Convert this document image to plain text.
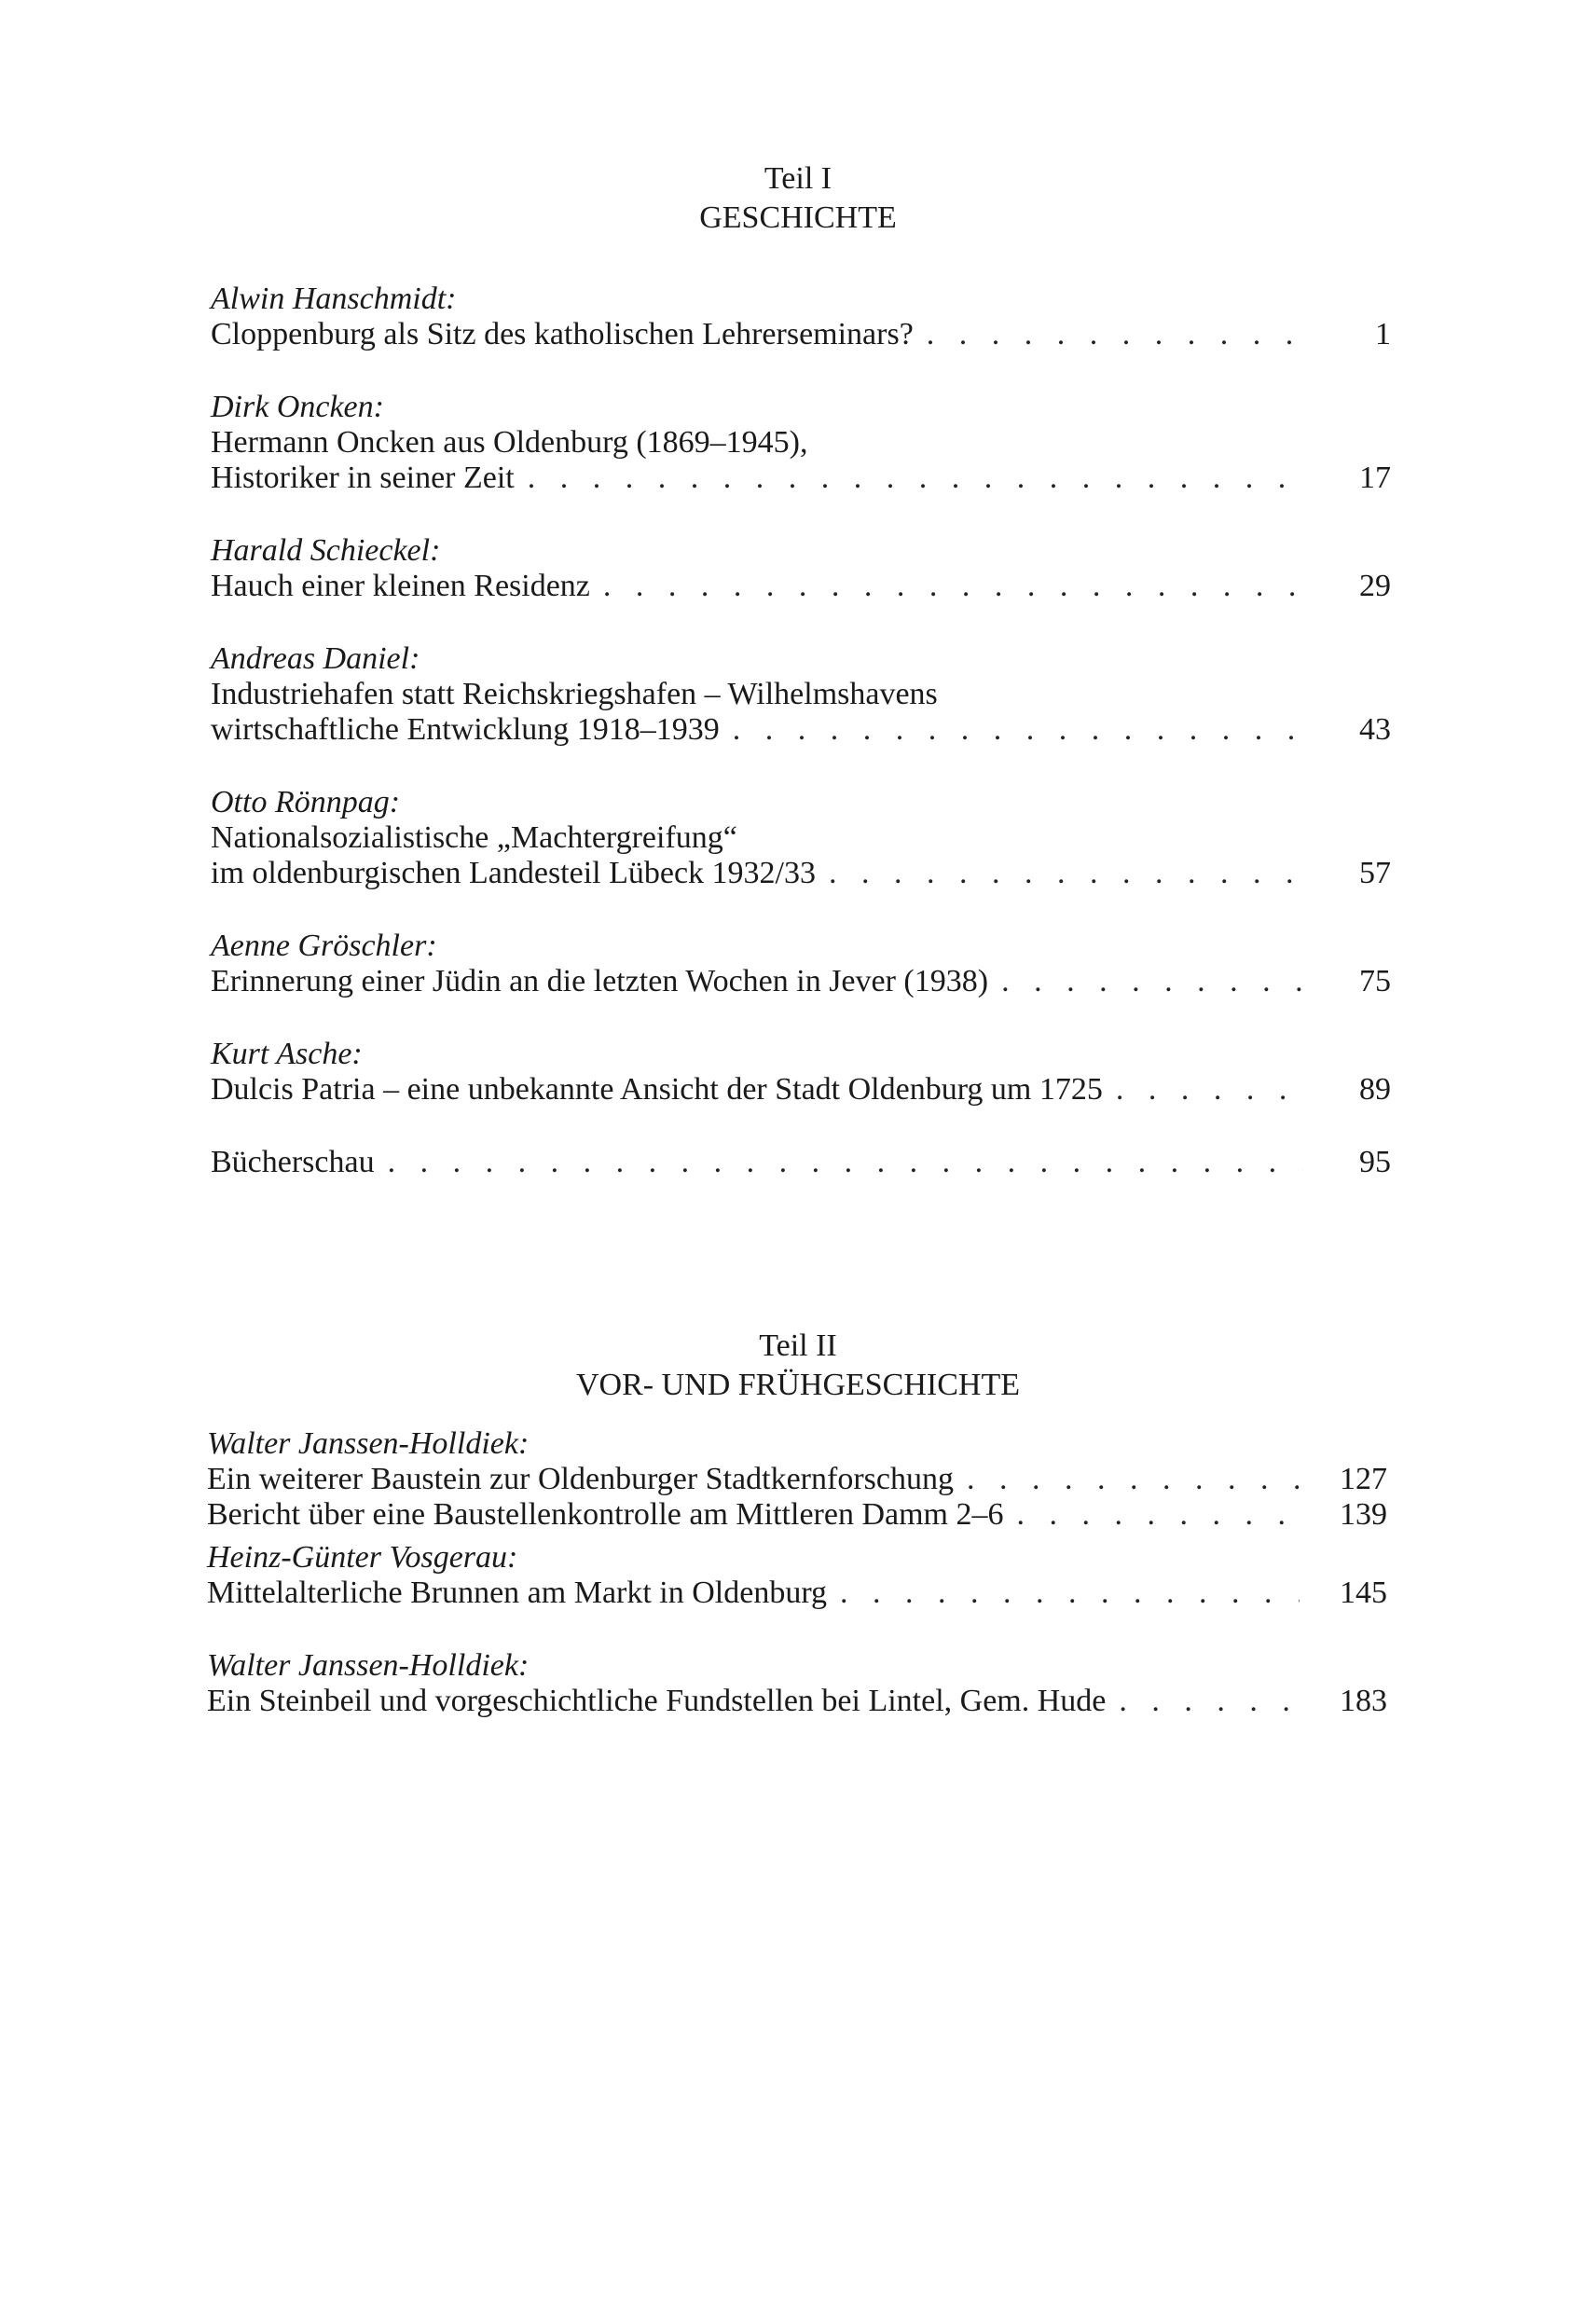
Teil I
GESCHICHTE
Alwin Hanschmidt:
Cloppenburg als Sitz des katholischen Lehrerseminars? . . .	1
Dirk Oncken:
Hermann Oncken aus Oldenburg (1869–1945),
Historiker in seiner Zeit . . .	17
Harald Schieckel:
Hauch einer kleinen Residenz . . .	29
Andreas Daniel:
Industriehafen statt Reichskriegshafen – Wilhelmshavens
wirtschaftliche Entwicklung 1918–1939 . . .	43
Otto Rönnpag:
Nationalsozialistische „Machtergreifung“
im oldenburgischen Landesteil Lübeck 1932/33 . . .	57
Aenne Gröschler:
Erinnerung einer Jüdin an die letzten Wochen in Jever (1938) . . .	75
Kurt Asche:
Dulcis Patria – eine unbekannte Ansicht der Stadt Oldenburg um 1725 . . .	89
Bücherschau . . .	95
Teil II
VOR- UND FRÜHGESCHICHTE
Walter Janssen-Holldiek:
Ein weiterer Baustein zur Oldenburger Stadtkernforschung . . .	127
Bericht über eine Baustellenkontrolle am Mittleren Damm 2–6 . . .	139
Heinz-Günter Vosgerau:
Mittelalterliche Brunnen am Markt in Oldenburg . . .	145
Walter Janssen-Holldiek:
Ein Steinbeil und vorgeschichtliche Fundstellen bei Lintel, Gem. Hude . . .	183
